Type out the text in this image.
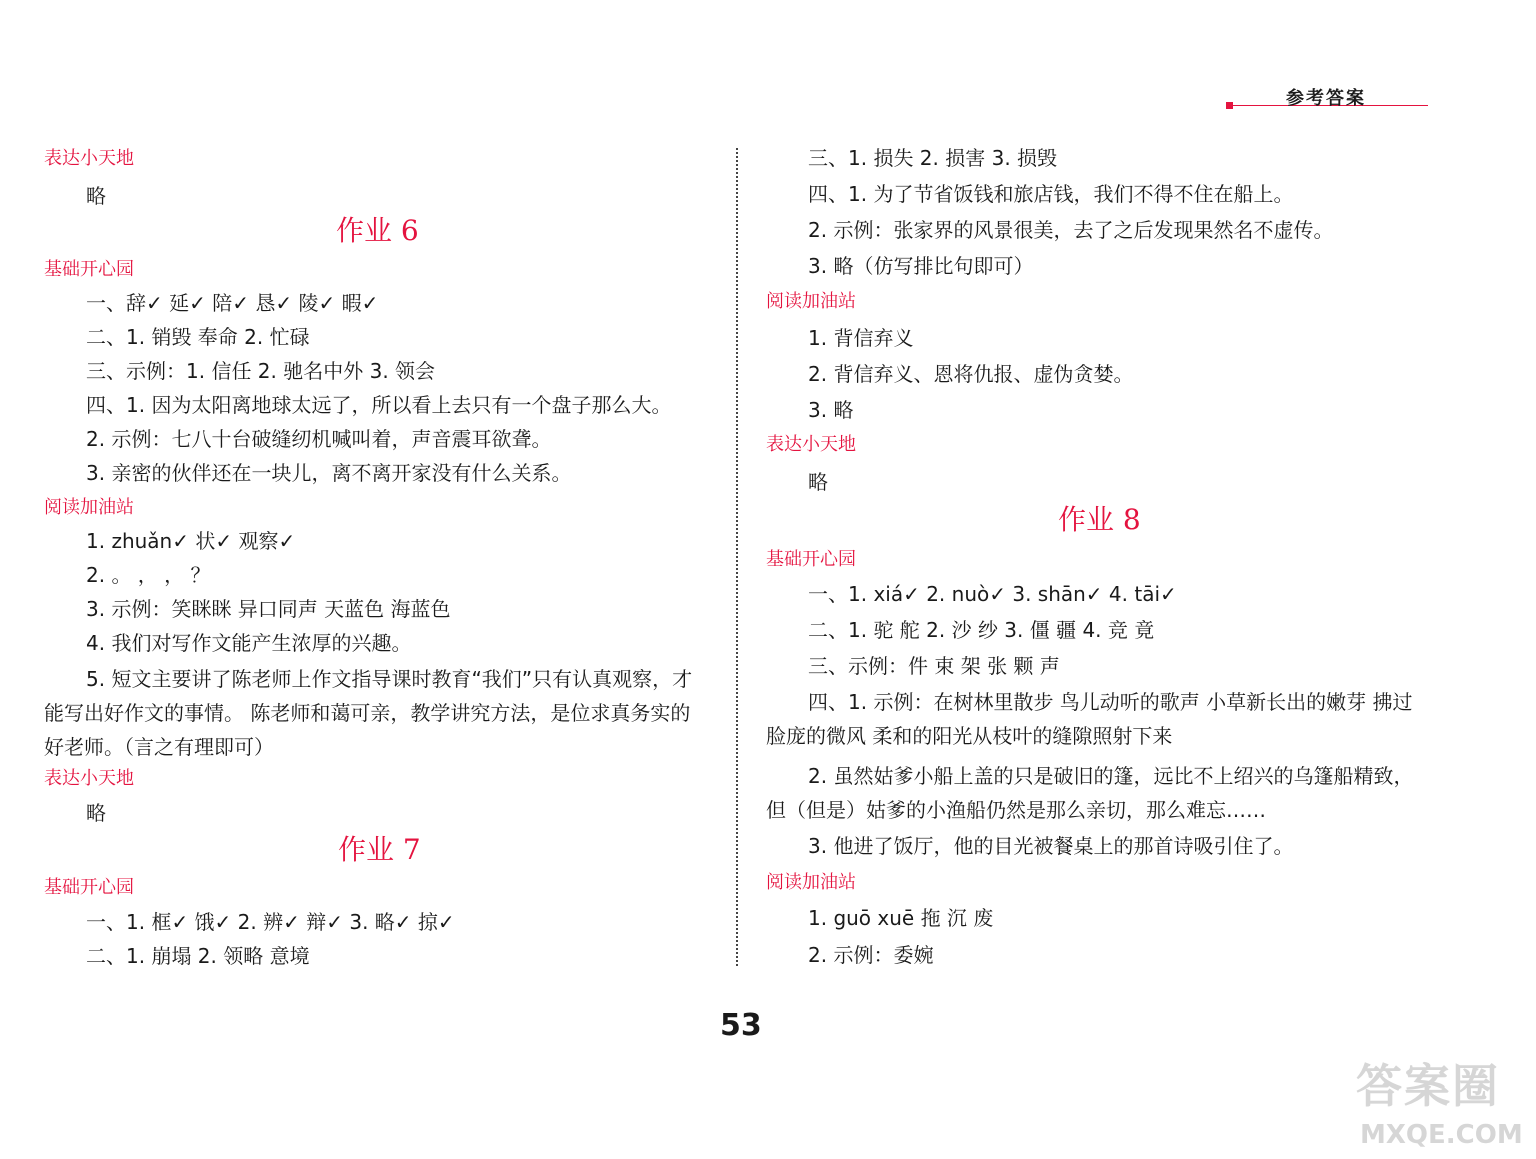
参考答案
表达小天地
略
作业 6
基础开心园
一、辞✓ 延✓ 陪✓ 恳✓ 陵✓ 暇✓
二、1. 销毁 奉命 2. 忙碌
三、示例：1. 信任 2. 驰名中外 3. 领会
四、1. 因为太阳离地球太远了，所以看上去只有一个盘子那么大。
2. 示例：七八十台破缝纫机喊叫着，声音震耳欲聋。
3. 亲密的伙伴还在一块儿，离不离开家没有什么关系。
阅读加油站
1. zhuǎn✓ 状✓ 观察✓
2. 。 ， ， ？
3. 示例：笑眯眯 异口同声 天蓝色 海蓝色
4. 我们对写作文能产生浓厚的兴趣。
5. 短文主要讲了陈老师上作文指导课时教育“我们”只有认真观察，才能写出好作文的事情。 陈老师和蔼可亲，教学讲究方法，是位求真务实的好老师。（言之有理即可）
表达小天地
略
作业 7
基础开心园
一、1. 框✓ 饿✓ 2. 辨✓ 辩✓ 3. 略✓ 掠✓
二、1. 崩塌 2. 领略 意境
三、1. 损失 2. 损害 3. 损毁
四、1. 为了节省饭钱和旅店钱，我们不得不住在船上。
2. 示例：张家界的风景很美，去了之后发现果然名不虚传。
3. 略（仿写排比句即可）
阅读加油站
1. 背信弃义
2. 背信弃义、恩将仇报、虚伪贪婪。
3. 略
表达小天地
略
作业 8
基础开心园
一、1. xiá✓ 2. nuò✓ 3. shān✓ 4. tāi✓
二、1. 驼 舵 2. 沙 纱 3. 僵 疆 4. 竞 竟
三、示例：件 束 架 张 颗 声
四、1. 示例：在树林里散步 鸟儿动听的歌声 小草新长出的嫩芽 拂过脸庞的微风 柔和的阳光从枝叶的缝隙照射下来
2. 虽然姑爹小船上盖的只是破旧的篷，远比不上绍兴的乌篷船精致，但（但是）姑爹的小渔船仍然是那么亲切，那么难忘……
3. 他进了饭厅，他的目光被餐桌上的那首诗吸引住了。
阅读加油站
1. guō xuē 拖 沉 废
2. 示例：委婉
53
答案圈
MXQE.COM
